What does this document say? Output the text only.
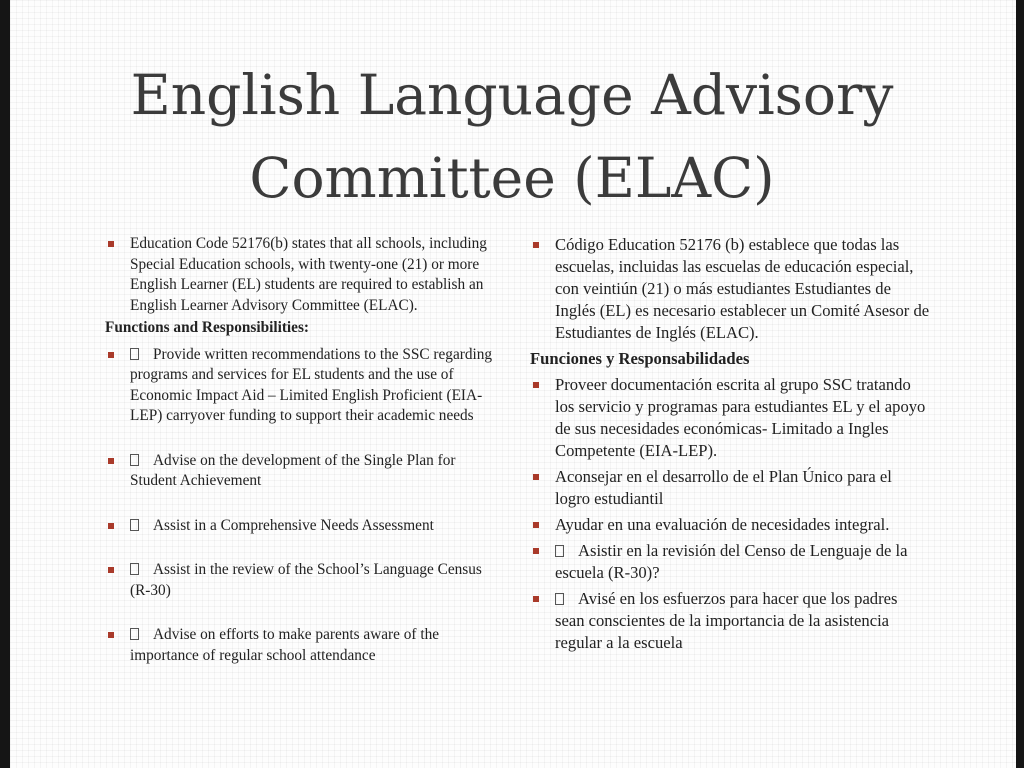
English Language Advisory Committee (ELAC)
Education Code 52176(b) states that all schools, including Special Education schools, with twenty-one (21) or more English Learner (EL) students are required to establish an English Learner Advisory Committee (ELAC).

Functions and Responsibilities:

Provide written recommendations to the SSC regarding programs and services for EL students and the use of Economic Impact Aid – Limited English Proficient (EIA-LEP) carryover funding to support their academic needs
Advise on the development of the Single Plan for Student Achievement
Assist in a Comprehensive Needs Assessment
Assist in the review of the School’s Language Census (R-30)
Advise on efforts to make parents aware of the importance of regular school attendance
Código Education 52176 (b) establece que todas las escuelas, incluidas las escuelas de educación especial, con veintiún (21) o más estudiantes Estudiantes de Inglés (EL) es necesario establecer un Comité Asesor de Estudiantes de Inglés (ELAC).

Funciones y Responsabilidades

Proveer documentación escrita al grupo SSC tratando los servicio y programas para estudiantes EL y el apoyo de sus necesidades económicas- Limitado a Ingles Competente (EIA-LEP).
Aconsejar en el desarrollo de el Plan Único para el logro estudiantil
Ayudar en una evaluación de necesidades integral.
Asistir en la revisión del Censo de Lenguaje de la escuela (R-30)?
Avisé en los esfuerzos para hacer que los padres sean conscientes de la importancia de la asistencia regular a la escuela
